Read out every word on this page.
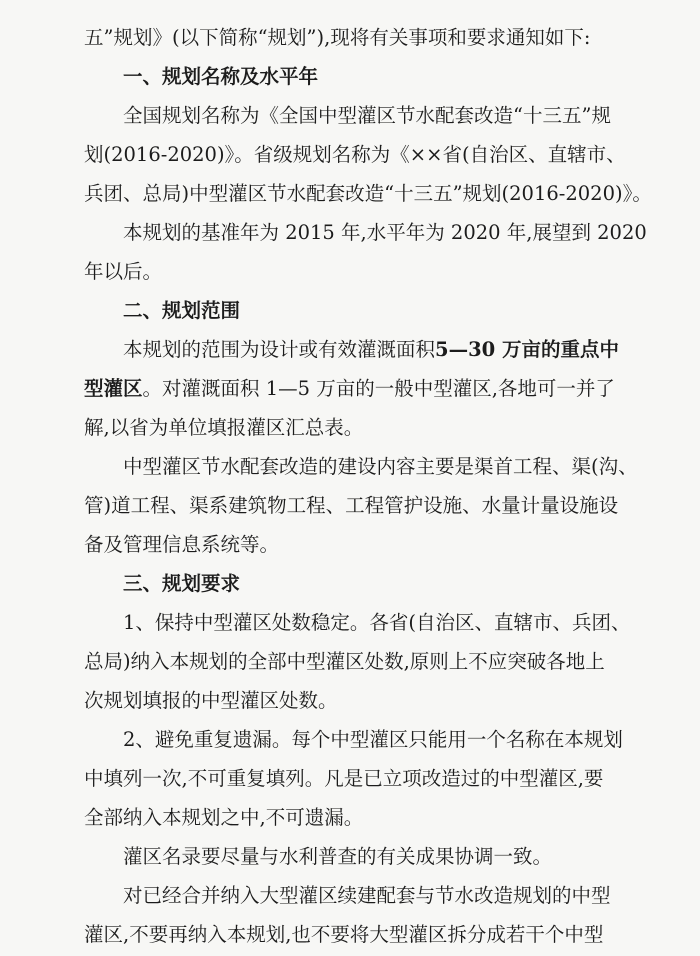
五”规划》(以下简称“规划”),现将有关事项和要求通知如下:
一、规划名称及水平年
全国规划名称为《全国中型灌区节水配套改造“十三五”规
划(2016-2020)》。省级规划名称为《××省(自治区、直辖市、
兵团、总局)中型灌区节水配套改造“十三五”规划(2016-2020)》。
本规划的基准年为 2015 年,水平年为 2020 年,展望到 2020
年以后。
二、规划范围
本规划的范围为设计或有效灌溉面积5—30 万亩的重点中
型灌区。对灌溉面积 1—5 万亩的一般中型灌区,各地可一并了
解,以省为单位填报灌区汇总表。
中型灌区节水配套改造的建设内容主要是渠首工程、渠(沟、
管)道工程、渠系建筑物工程、工程管护设施、水量计量设施设
备及管理信息系统等。
三、规划要求
1、保持中型灌区处数稳定。各省(自治区、直辖市、兵团、
总局)纳入本规划的全部中型灌区处数,原则上不应突破各地上
次规划填报的中型灌区处数。
2、避免重复遗漏。每个中型灌区只能用一个名称在本规划
中填列一次,不可重复填列。凡是已立项改造过的中型灌区,要
全部纳入本规划之中,不可遗漏。
灌区名录要尽量与水利普查的有关成果协调一致。
对已经合并纳入大型灌区续建配套与节水改造规划的中型
灌区,不要再纳入本规划,也不要将大型灌区拆分成若干个中型
